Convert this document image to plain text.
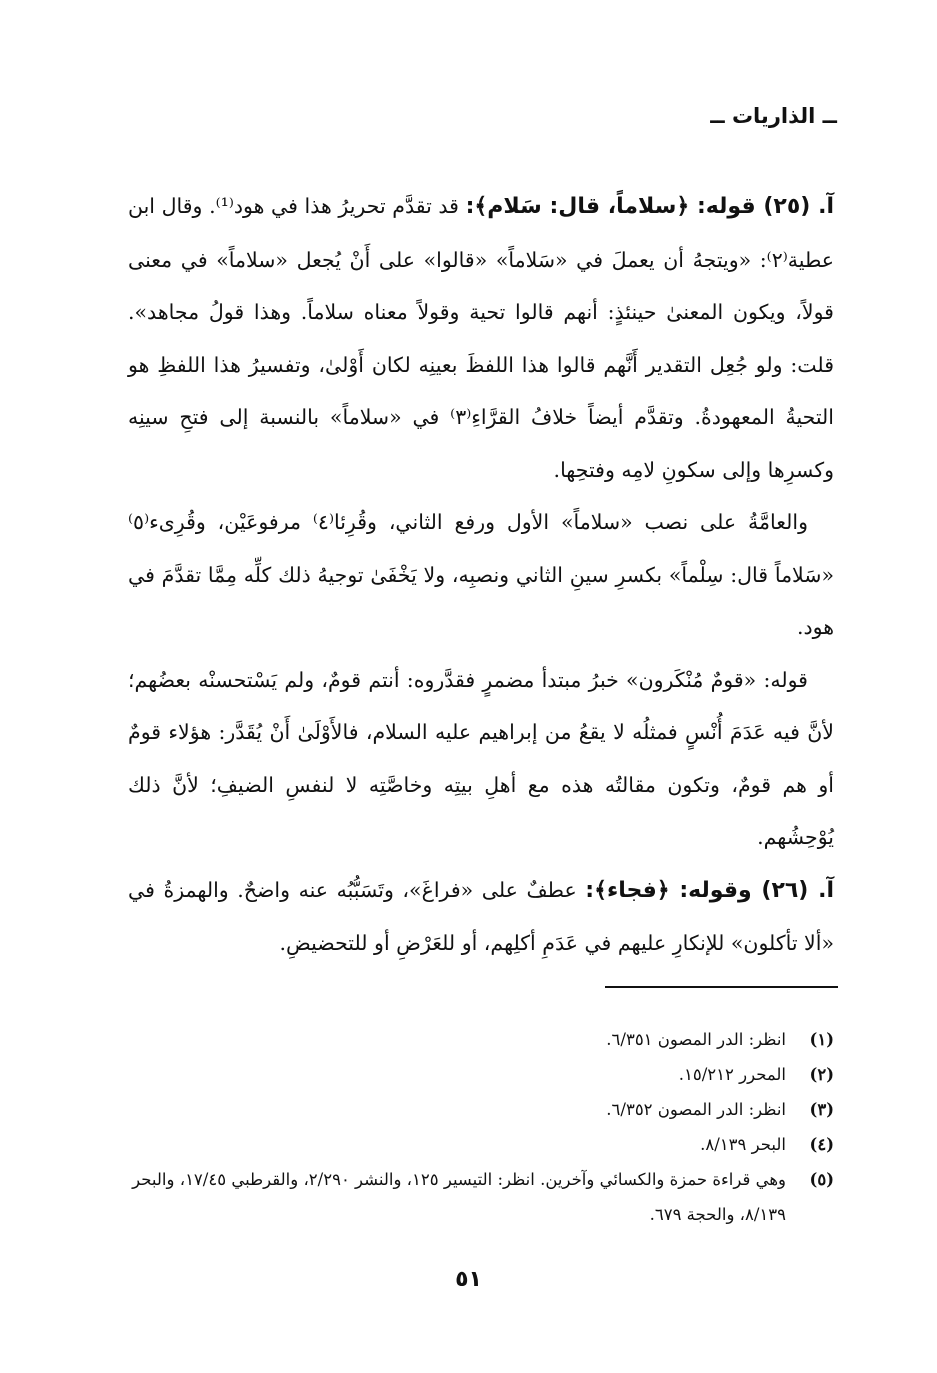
ــ الذاريات ــ

آ. (٢٥) قوله: ﴿سلاماً، قال: سَلام﴾: قد تقدَّم تحريرُ هذا في هود⁽¹⁾. وقال ابن عطية⁽٢⁾: «ويتجهُ أن يعملَ في «سَلاماً» «قالوا» على أَنْ يُجعل «سلاماً» في معنى قولاً، ويكون المعنىٰ حينئذٍ: أنهم قالوا تحية وقولاً معناه سلاماً. وهذا قولُ مجاهد». قلت: ولو جُعِل التقدير أَنَّهم قالوا هذا اللفظَ بعينِه لكان أَوْلىٰ، وتفسيرُ هذا اللفظِ هو التحيةُ المعهودةُ. وتقدَّم أيضاً خلافُ القرَّاءِ⁽٣⁾ في «سلاماً» بالنسبة إلى فتحِ سينِه وكسرِها وإلى سكونِ لامِه وفتحِها.

والعامَّةُ على نصب «سلاماً» الأول ورفع الثاني، وقُرِئا⁽٤⁾ مرفوعَيْن، وقُرِىء⁽٥⁾ «سَلاماً قال: سِلْماً» بكسرِ سينِ الثاني ونصبِه، ولا يَخْفَىٰ توجيهُ ذلك كلِّه مِمَّا تقدَّمَ في هود.

قوله: «قومٌ مُنْكَرون» خبرُ مبتدأ مضمرٍ فقدَّروه: أنتم قومٌ، ولم يَسْتحسنْه بعضُهم؛ لأنَّ فيه عَدَمَ أُنْسٍ فمثلُه لا يقعُ من إبراهيم عليه السلام، فالأَوْلَىٰ أَنْ يُقَدَّر: هؤلاء قومٌ أو هم قومٌ، وتكون مقالتُه هذه مع أهلِ بيتِه وخاصَّتِه لا لنفسِ الضيفِ؛ لأنَّ ذلك يُوْحِشُهم.

آ. (٢٦) وقوله: ﴿فجاء﴾: عطفٌ على «فراغَ»، وتَسَبُّبُه عنه واضحٌ. والهمزةُ في «ألا تأكلون» للإنكارِ عليهم في عَدَمِ أكلِهم، أو للعَرْضِ أو للتحضيضِ.

(١)
انظر: الدر المصون ٦/٣٥١.
(٢)
المحرر ١٥/٢١٢.
(٣)
انظر: الدر المصون ٦/٣٥٢.
(٤)
البحر ٨/١٣٩.
(٥)
وهي قراءة حمزة والكسائي وآخرين. انظر: التيسير ١٢٥، والنشر ٢/٢٩٠، والقرطبي ١٧/٤٥، والبحر ٨/١٣٩، والحجة ٦٧٩.
٥١
